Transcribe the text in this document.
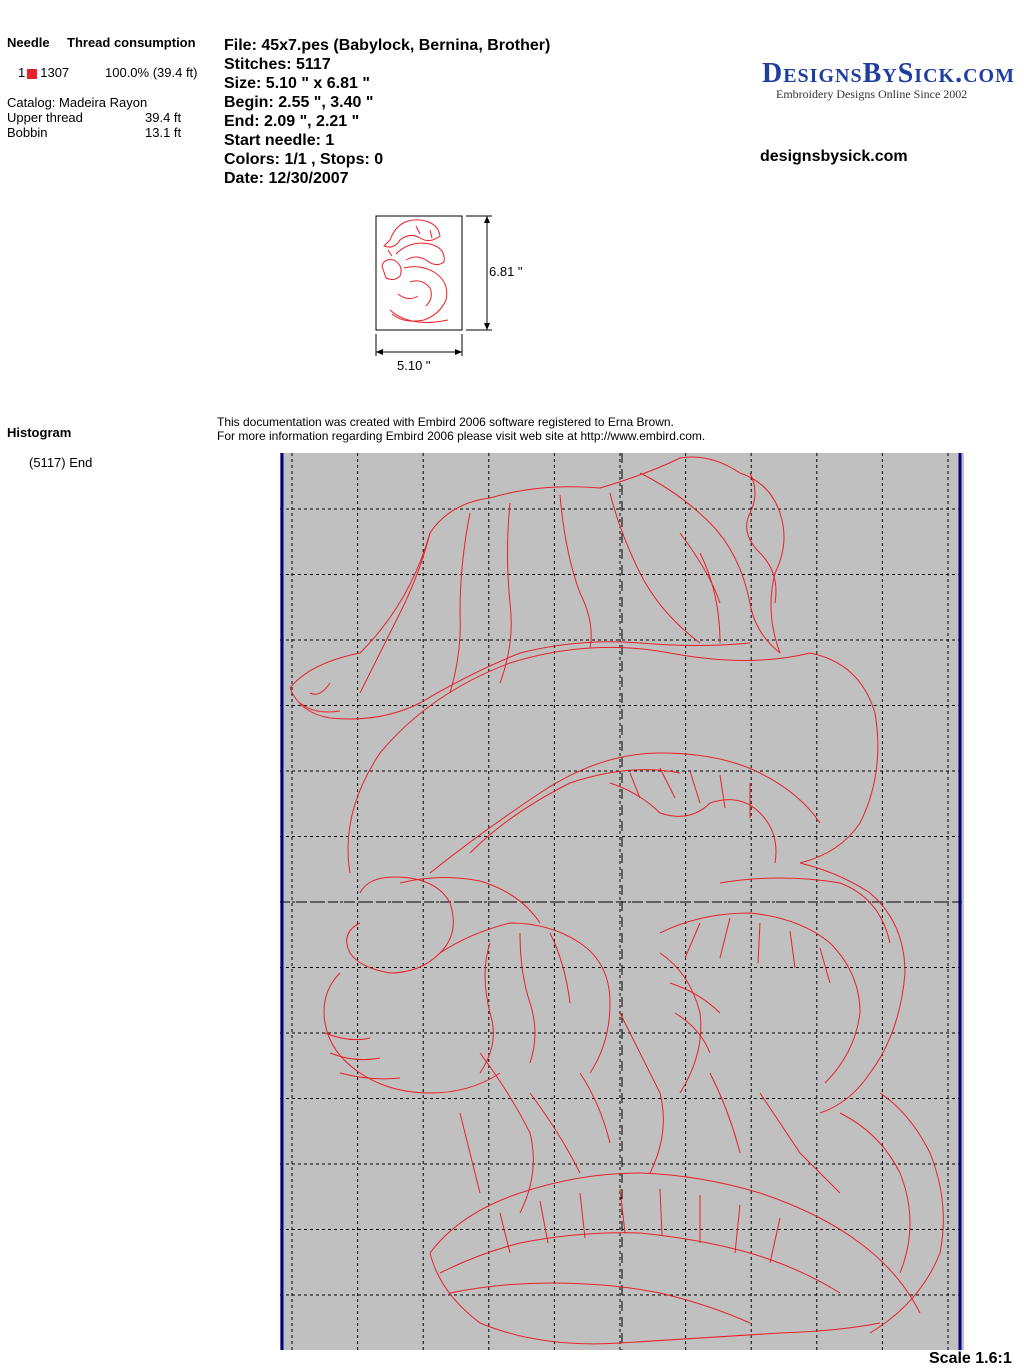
Needle Thread consumption
1 1307	100.0% (39.4 ft)
Catalog: Madeira Rayon
Upper thread	39.4 ft
Bobbin	13.1 ft
File: 45x7.pes (Babylock, Bernina, Brother)
Stitches: 5117
Size: 5.10 " x 6.81 "
Begin: 2.55 ", 3.40 "
End: 2.09 ", 2.21 "
Start needle: 1
Colors: 1/1 , Stops: 0
Date: 12/30/2007
DesignsBySick.com
Embroidery Designs Online Since 2002
designsbysick.com
6.81 "
5.10 "
Histogram
(5117) End
This documentation was created with Embird 2006 software registered to Erna Brown.
For more information regarding Embird 2006 please visit web site at http://www.embird.com.
Scale 1.6:1
